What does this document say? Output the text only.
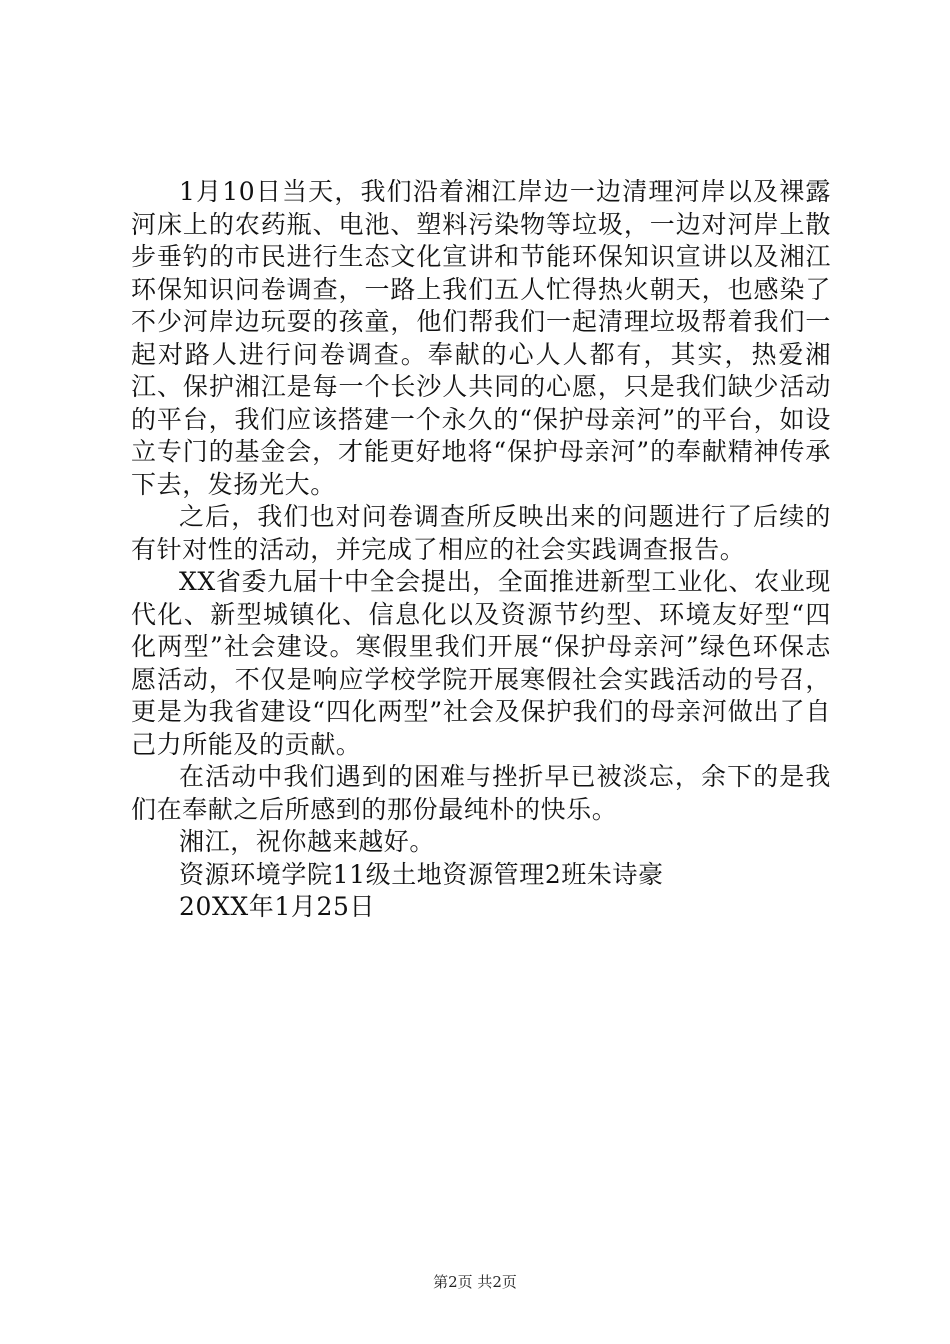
1月10日当天，我们沿着湘江岸边一边清理河岸以及裸露河床上的农药瓶、电池、塑料污染物等垃圾，一边对河岸上散步垂钓的市民进行生态文化宣讲和节能环保知识宣讲以及湘江环保知识问卷调查，一路上我们五人忙得热火朝天，也感染了不少河岸边玩耍的孩童，他们帮我们一起清理垃圾帮着我们一起对路人进行问卷调查。奉献的心人人都有，其实，热爱湘江、保护湘江是每一个长沙人共同的心愿，只是我们缺少活动的平台，我们应该搭建一个永久的“保护母亲河”的平台，如设立专门的基金会，才能更好地将“保护母亲河”的奉献精神传承下去，发扬光大。

之后，我们也对问卷调查所反映出来的问题进行了后续的有针对性的活动，并完成了相应的社会实践调查报告。

XX省委九届十中全会提出，全面推进新型工业化、农业现代化、新型城镇化、信息化以及资源节约型、环境友好型“四化两型”社会建设。寒假里我们开展“保护母亲河”绿色环保志愿活动，不仅是响应学校学院开展寒假社会实践活动的号召，更是为我省建设“四化两型”社会及保护我们的母亲河做出了自己力所能及的贡献。

在活动中我们遇到的困难与挫折早已被淡忘，余下的是我们在奉献之后所感到的那份最纯朴的快乐。

湘江，祝你越来越好。

资源环境学院11级土地资源管理2班朱诗豪

20XX年1月25日

第2页 共2页
